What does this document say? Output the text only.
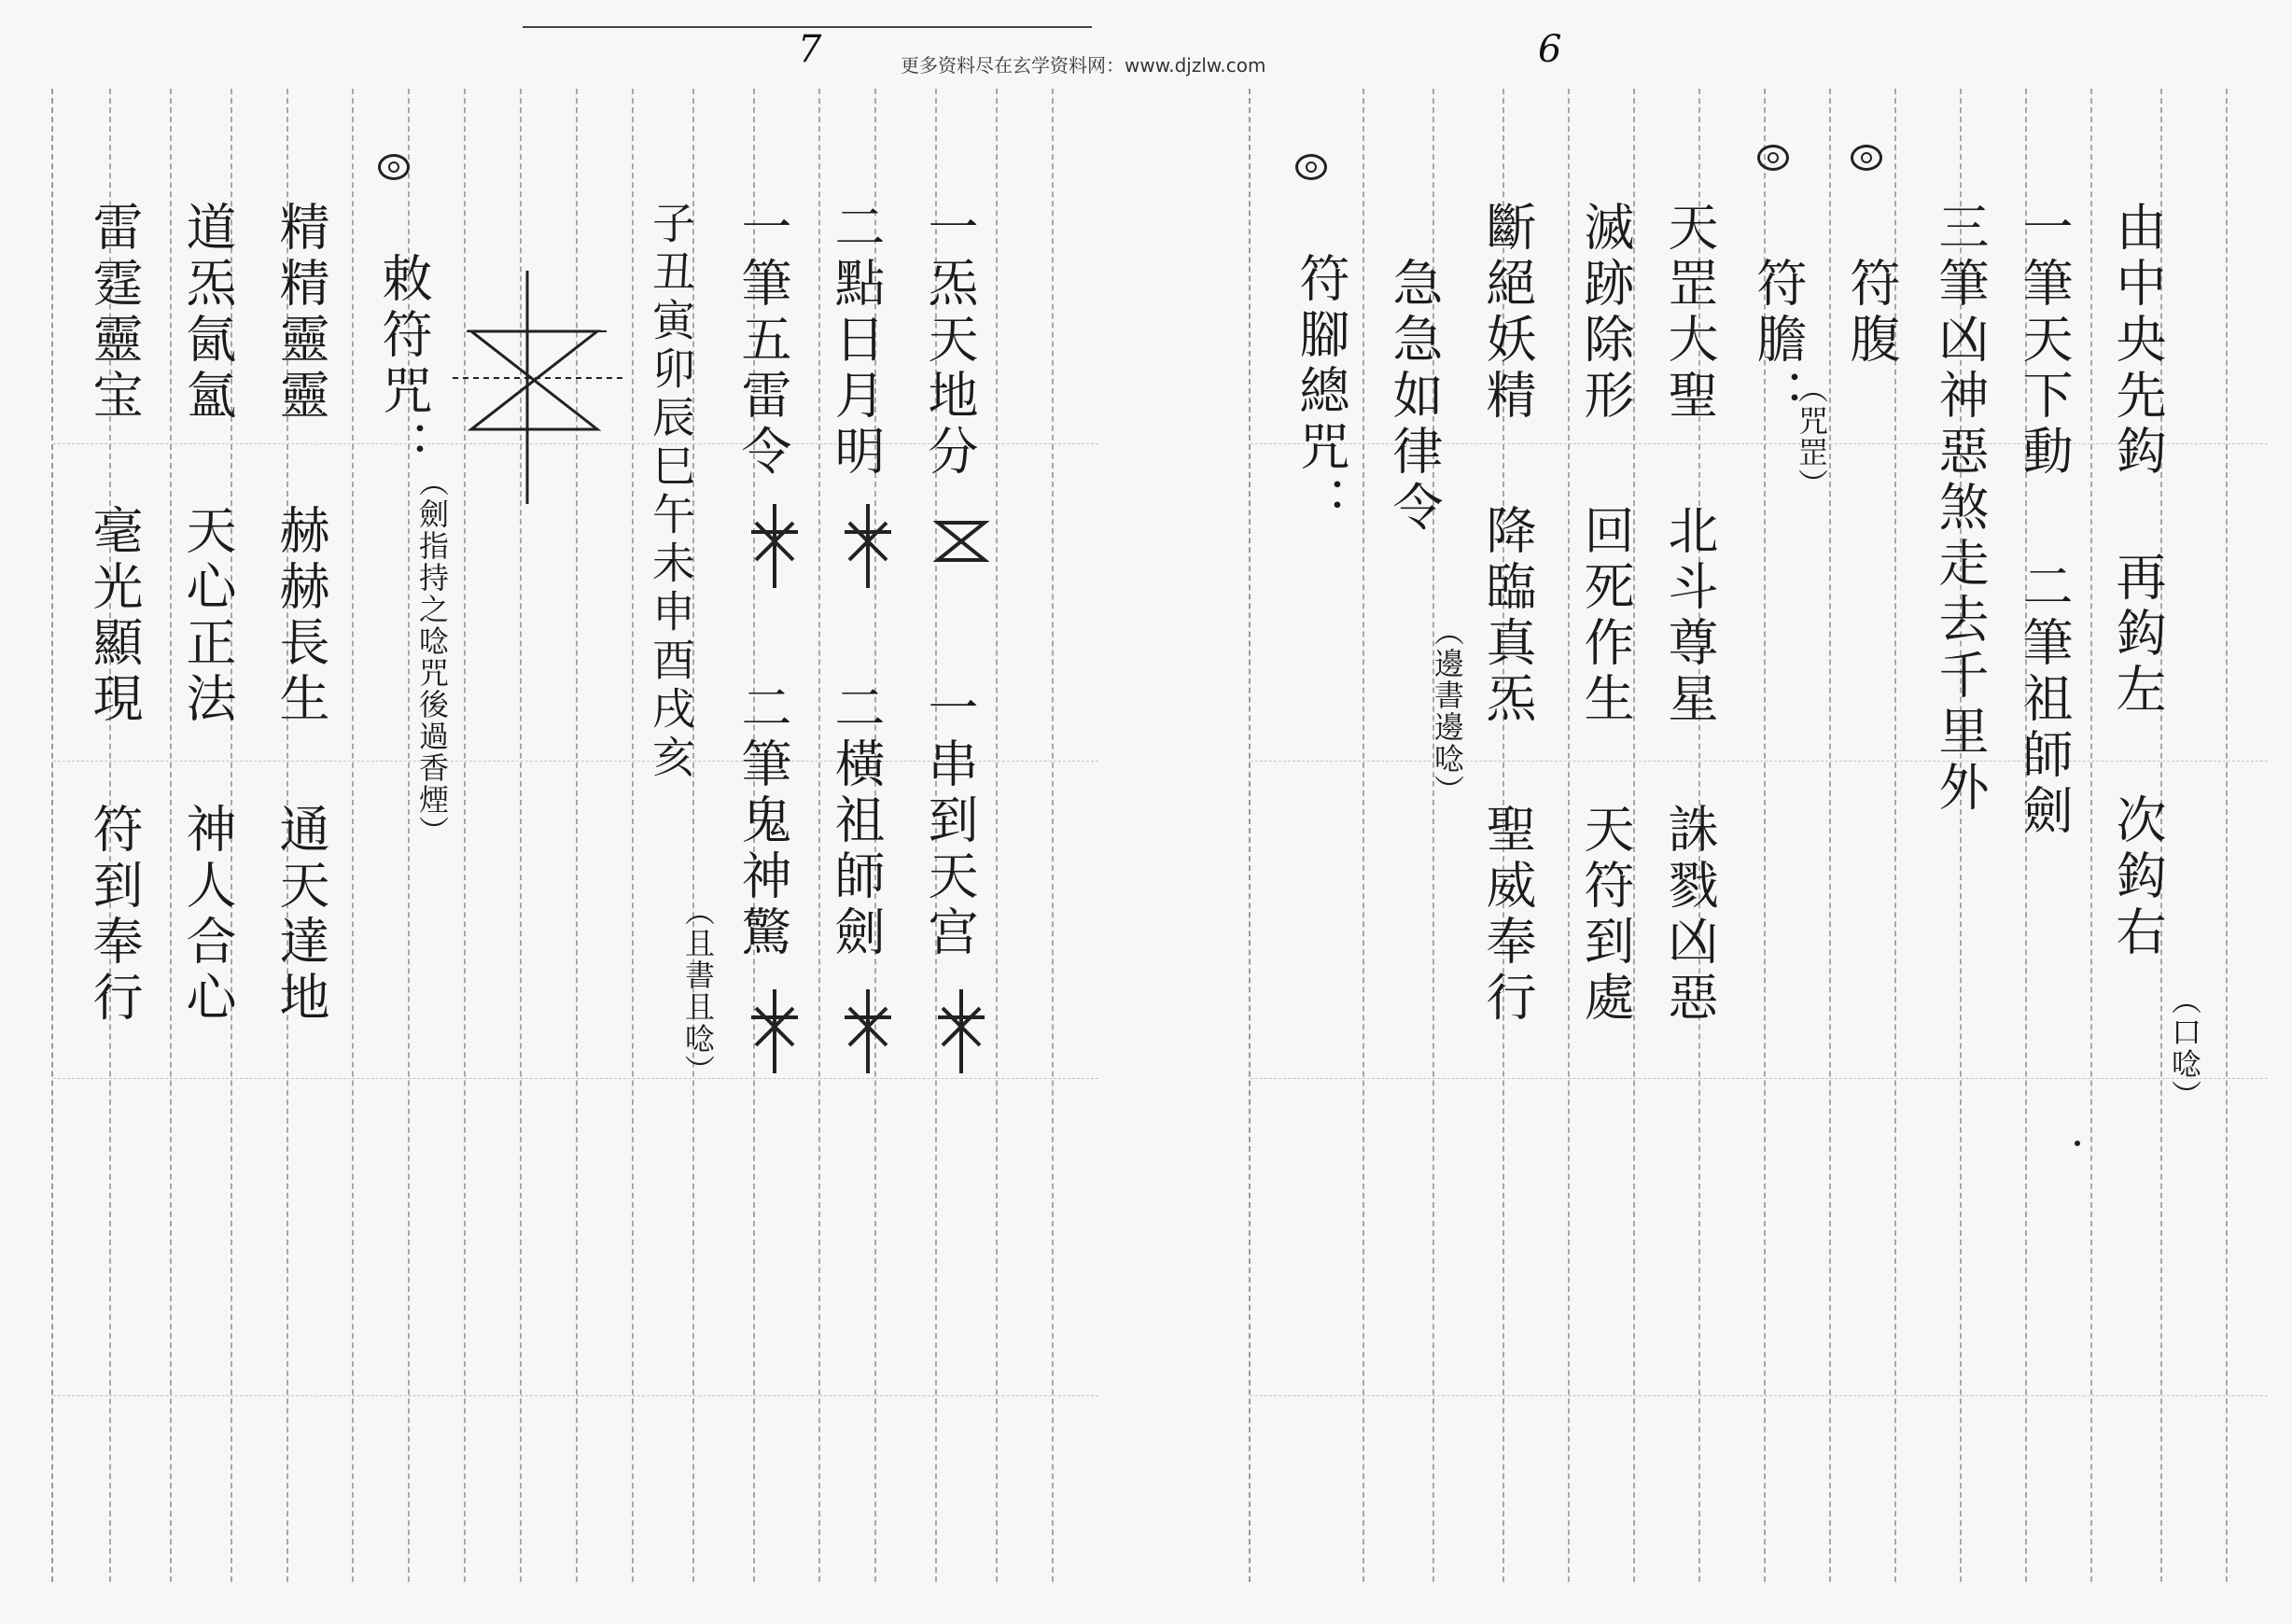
7
一炁天地分
一串到天宫
二點日月明
二橫祖師劍
一筆五雷令
二筆鬼神驚
子丑寅卯辰巳午未申酉戌亥
（且書且唸）
敕符咒：
（劍指持之唸咒後過香煙）
精精靈靈
赫赫長生
通天達地
道炁氤氳
天心正法
神人合心
雷霆靈宝
毫光顯現
符到奉行
更多资料尽在玄学资料网：www.djzlw.com	6
由中央先鈎
再鈎左
次鈎右
（口唸）
一筆天下動
二筆祖師劍
三筆凶神惡煞走去千里外
符腹
符膽：
（咒罡）
天罡大聖
北斗尊星
誅戮凶惡
滅跡除形
回死作生
天符到處
斷絕妖精
降臨真炁
聖威奉行
急急如律令
（邊書邊唸）
符腳總咒：
